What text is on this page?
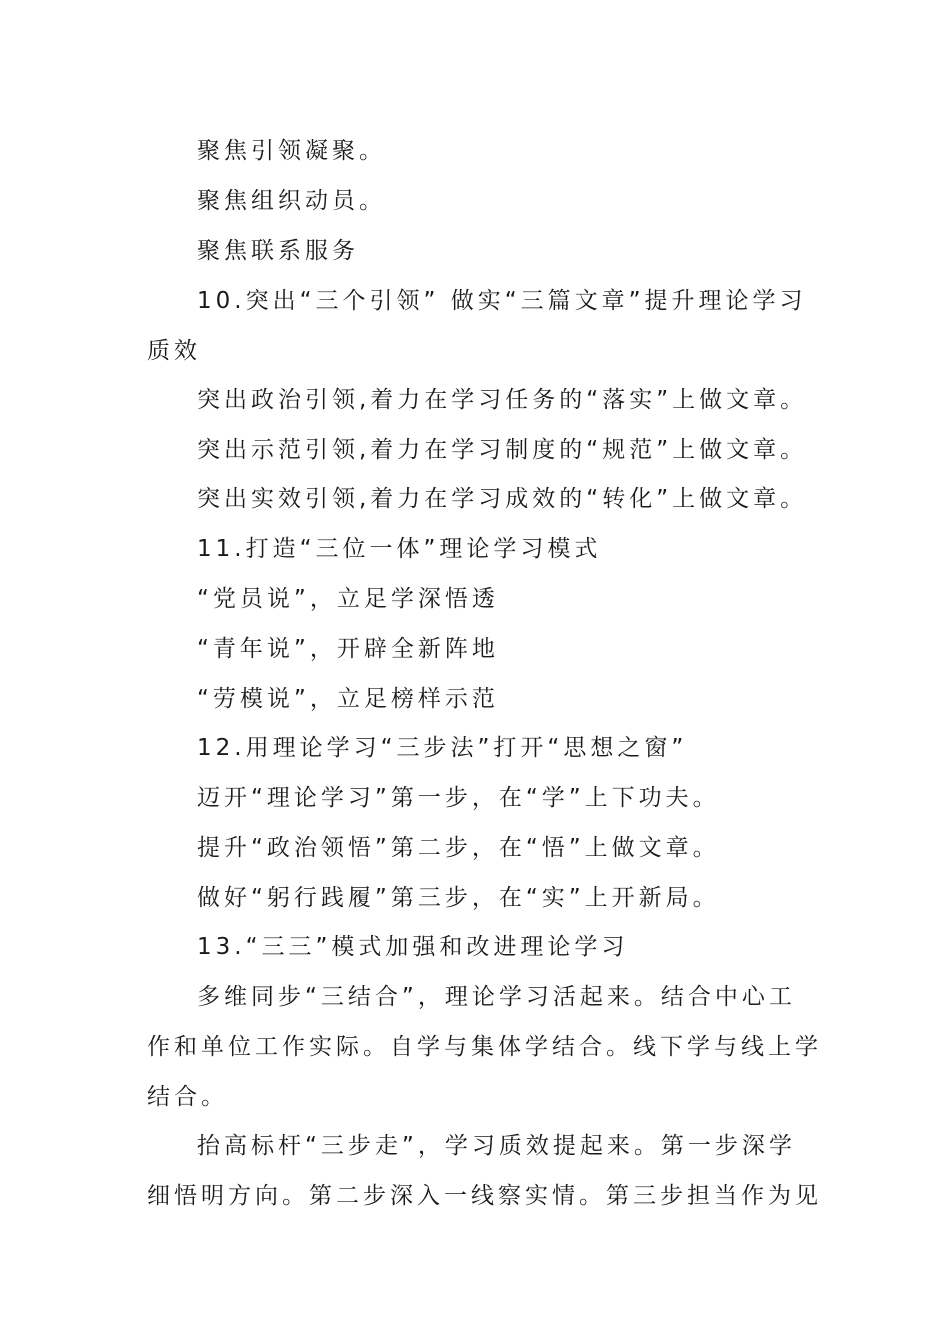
聚焦引领凝聚。
聚焦组织动员。
聚焦联系服务
10.突出“三个引领” 做实“三篇文章”提升理论学习
质效
突出政治引领,着力在学习任务的“落实”上做文章。
突出示范引领,着力在学习制度的“规范”上做文章。
突出实效引领,着力在学习成效的“转化”上做文章。
11.打造“三位一体”理论学习模式
“党员说”，立足学深悟透
“青年说”，开辟全新阵地
“劳模说”，立足榜样示范
12.用理论学习“三步法”打开“思想之窗”
迈开“理论学习”第一步，在“学”上下功夫。
提升“政治领悟”第二步，在“悟”上做文章。
做好“躬行践履”第三步，在“实”上开新局。
13.“三三”模式加强和改进理论学习
多维同步“三结合”，理论学习活起来。结合中心工
作和单位工作实际。自学与集体学结合。线下学与线上学
结合。
抬高标杆“三步走”，学习质效提起来。第一步深学
细悟明方向。第二步深入一线察实情。第三步担当作为见
